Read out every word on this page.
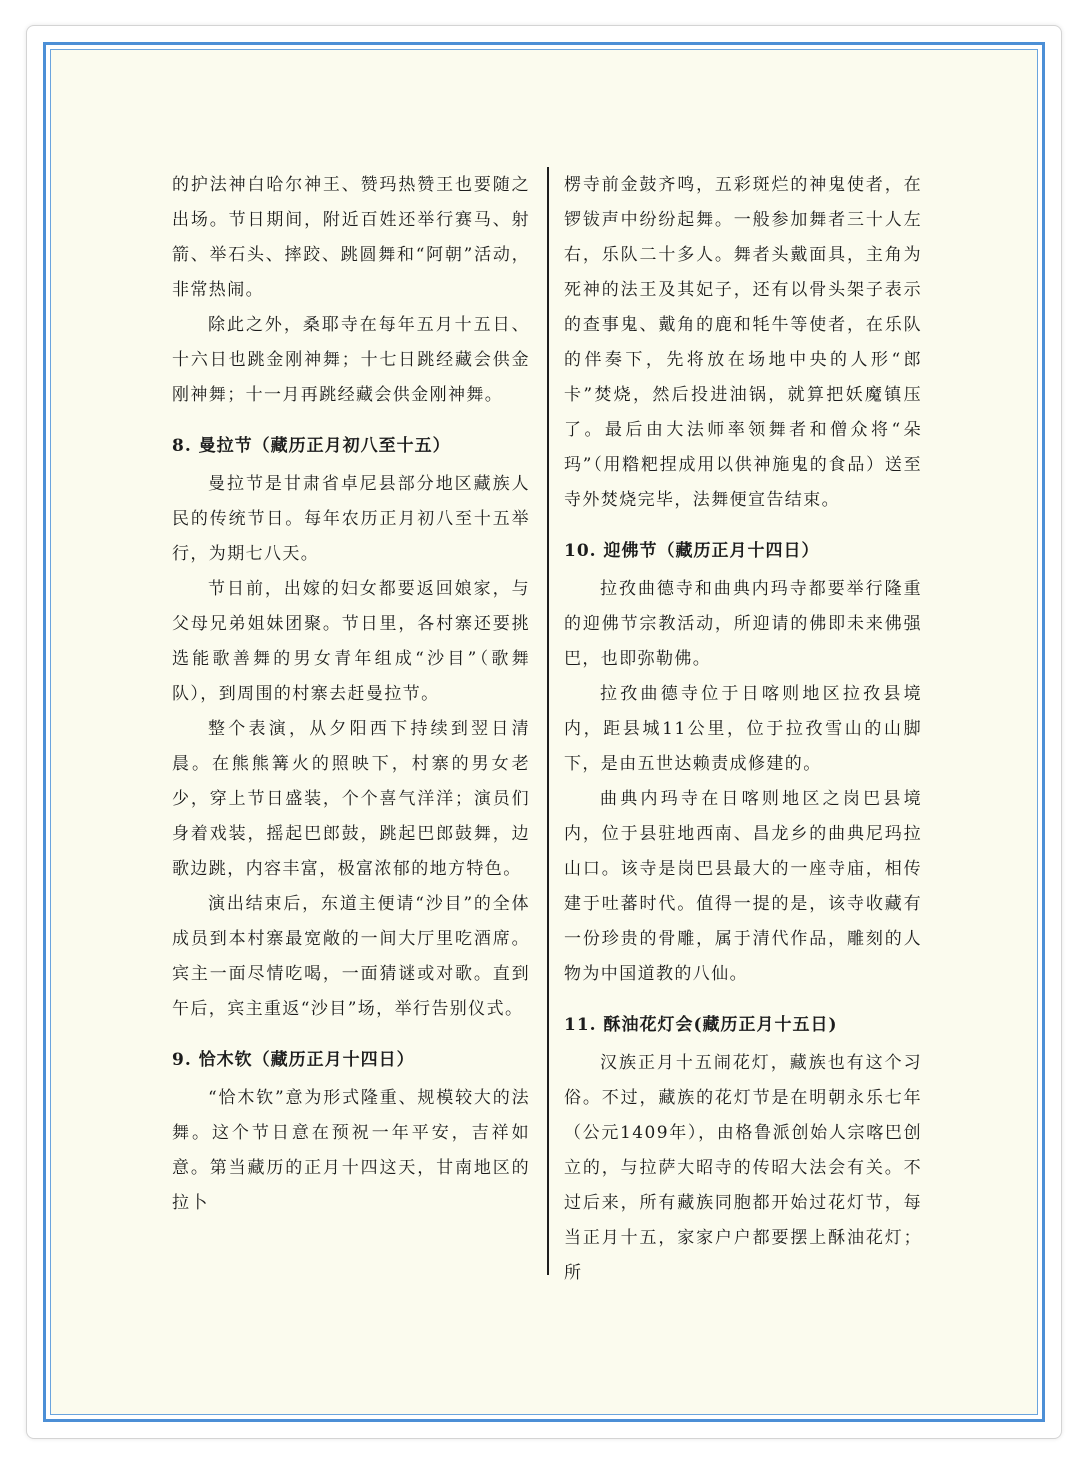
的护法神白哈尔神王、赞玛热赞王也要随之出场。节日期间，附近百姓还举行赛马、射箭、举石头、摔跤、跳圆舞和“阿朝”活动，非常热闹。

除此之外，桑耶寺在每年五月十五日、十六日也跳金刚神舞；十七日跳经藏会供金刚神舞；十一月再跳经藏会供金刚神舞。

8. 曼拉节（藏历正月初八至十五）

曼拉节是甘肃省卓尼县部分地区藏族人民的传统节日。每年农历正月初八至十五举行，为期七八天。

节日前，出嫁的妇女都要返回娘家，与父母兄弟姐妹团聚。节日里，各村寨还要挑选能歌善舞的男女青年组成“沙目”（歌舞队），到周围的村寨去赶曼拉节。

整个表演，从夕阳西下持续到翌日清晨。在熊熊篝火的照映下，村寨的男女老少，穿上节日盛装，个个喜气洋洋；演员们身着戏装，摇起巴郎鼓，跳起巴郎鼓舞，边歌边跳，内容丰富，极富浓郁的地方特色。

演出结束后，东道主便请“沙目”的全体成员到本村寨最宽敞的一间大厅里吃酒席。宾主一面尽情吃喝，一面猜谜或对歌。直到午后，宾主重返“沙目”场，举行告别仪式。

9. 恰木钦（藏历正月十四日）

“恰木钦”意为形式隆重、规模较大的法舞。这个节日意在预祝一年平安，吉祥如意。第当藏历的正月十四这天，甘南地区的拉卜

楞寺前金鼓齐鸣，五彩斑烂的神鬼使者，在锣钹声中纷纷起舞。一般参加舞者三十人左右，乐队二十多人。舞者头戴面具，主角为死神的法王及其妃子，还有以骨头架子表示的查事鬼、戴角的鹿和牦牛等使者，在乐队的伴奏下，先将放在场地中央的人形“郎卡”焚烧，然后投进油锅，就算把妖魔镇压了。最后由大法师率领舞者和僧众将“朵玛”（用糌粑捏成用以供神施鬼的食品）送至寺外焚烧完毕，法舞便宣告结束。

10. 迎佛节（藏历正月十四日）

拉孜曲德寺和曲典内玛寺都要举行隆重的迎佛节宗教活动，所迎请的佛即未来佛强巴，也即弥勒佛。

拉孜曲德寺位于日喀则地区拉孜县境内，距县城11公里，位于拉孜雪山的山脚下，是由五世达赖责成修建的。

曲典内玛寺在日喀则地区之岗巴县境内，位于县驻地西南、昌龙乡的曲典尼玛拉山口。该寺是岗巴县最大的一座寺庙，相传建于吐蕃时代。值得一提的是，该寺收藏有一份珍贵的骨雕，属于清代作品，雕刻的人物为中国道教的八仙。

11. 酥油花灯会(藏历正月十五日)

汉族正月十五闹花灯，藏族也有这个习俗。不过，藏族的花灯节是在明朝永乐七年（公元1409年），由格鲁派创始人宗喀巴创立的，与拉萨大昭寺的传昭大法会有关。不过后来，所有藏族同胞都开始过花灯节，每当正月十五，家家户户都要摆上酥油花灯；所
